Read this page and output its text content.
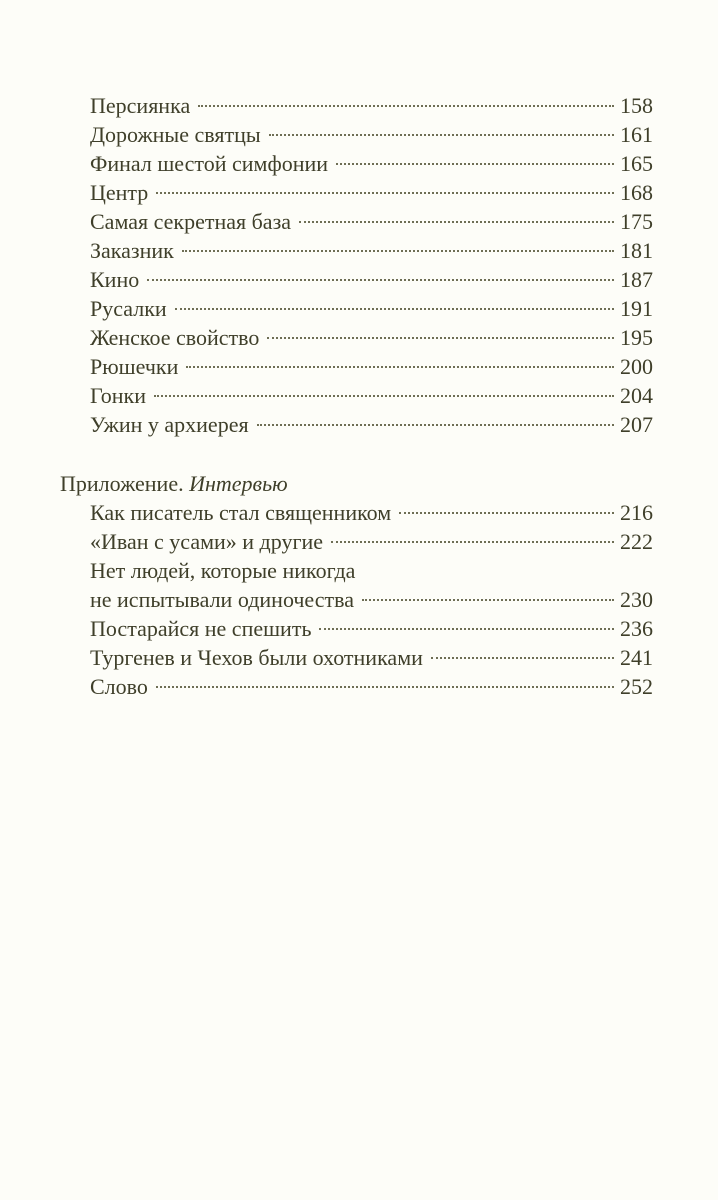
Персиянка	158
Дорожные святцы	161
Финал шестой симфонии	165
Центр	168
Самая секретная база	175
Заказник	181
Кино	187
Русалки	191
Женское свойство	195
Рюшечки	200
Гонки	204
Ужин у архиерея	207
Приложение. Интервью
Как писатель стал священником	216
«Иван с усами» и другие	222
Нет людей, которые никогда
не испытывали одиночества	230
Постарайся не спешить	236
Тургенев и Чехов были охотниками	241
Слово	252
